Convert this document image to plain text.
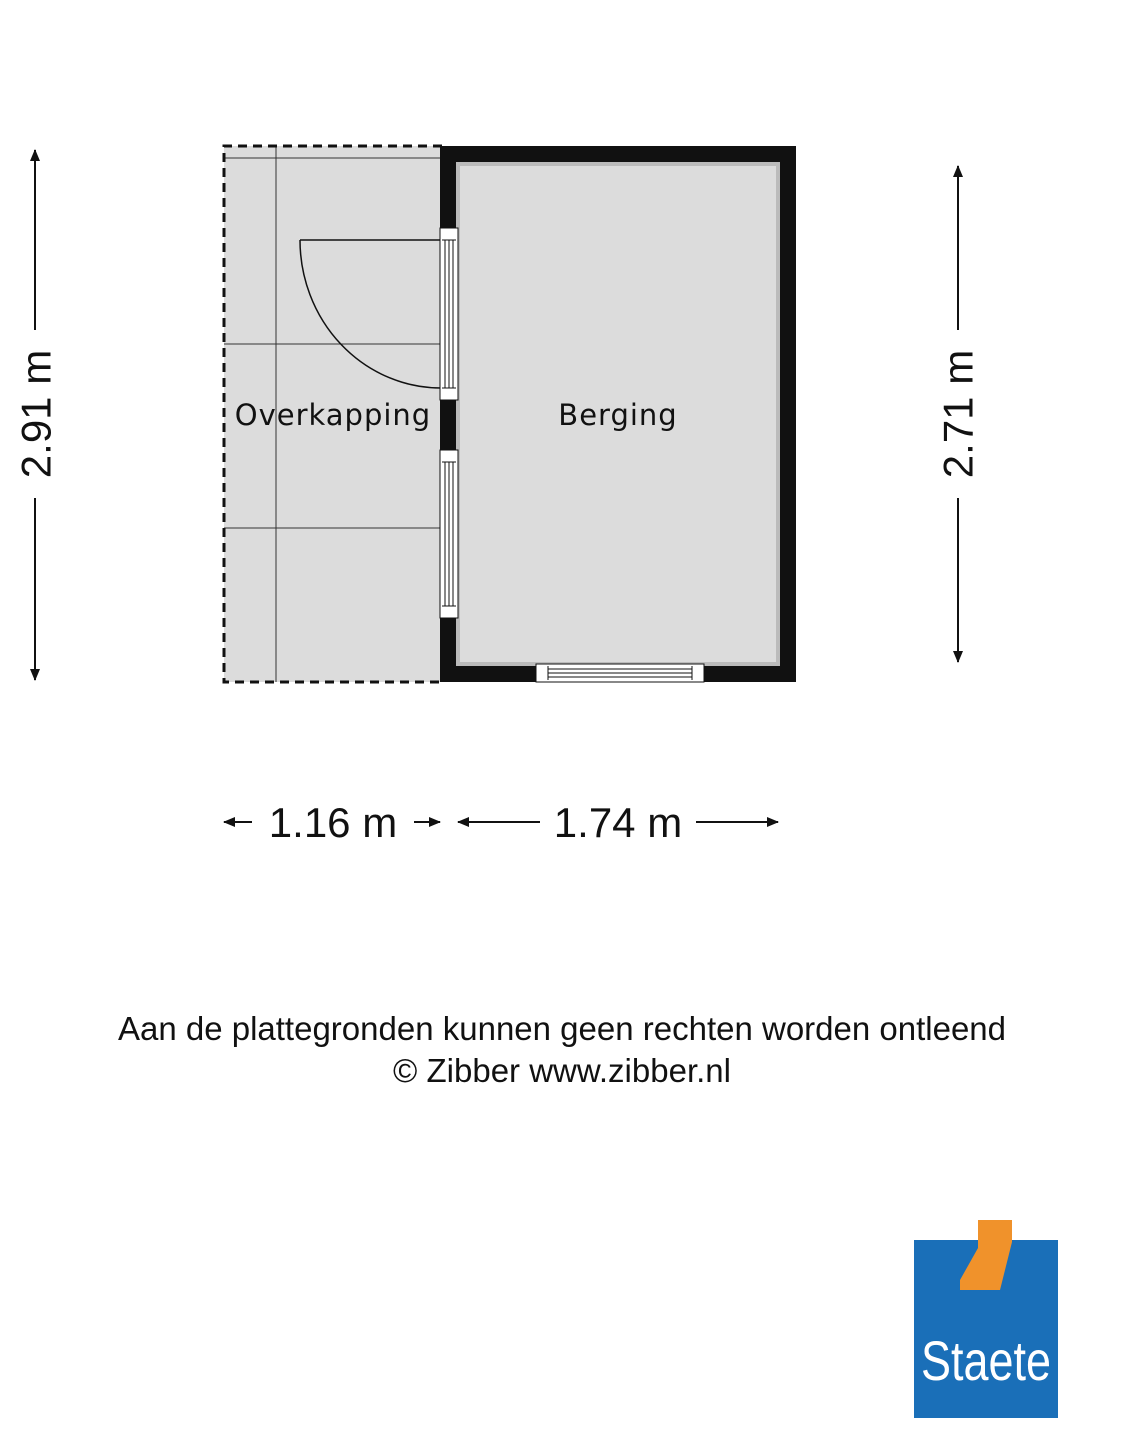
Overkapping	Berging
2.91 m	2.71 m
1.16 m	1.74 m
Aan de plattegronden kunnen geen rechten worden ontleend
© Zibber www.zibber.nl
Staete
